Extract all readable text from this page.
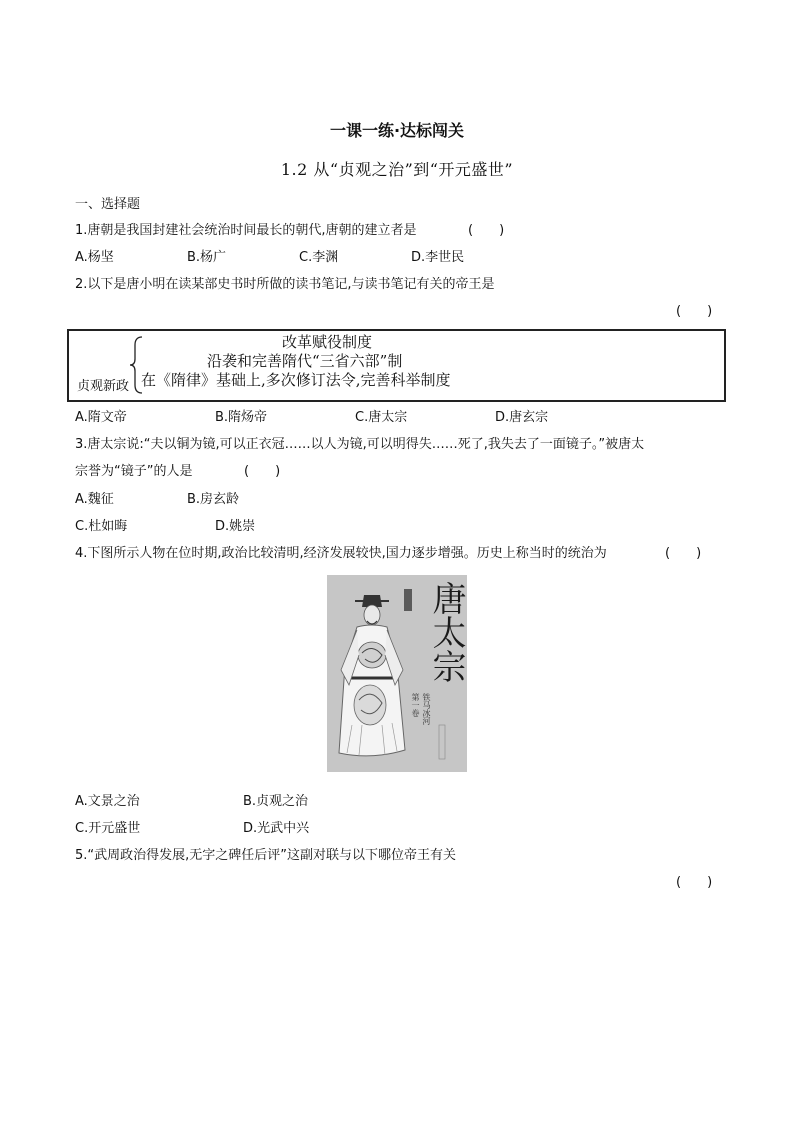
一课一练·达标闯关
1.2 从“贞观之治”到“开元盛世”
一、选择题
1.唐朝是我国封建社会统治时间最长的朝代,唐朝的建立者是	(　　)
A.杨坚	B.杨广	C.李渊	D.李世民
2.以下是唐小明在读某部史书时所做的读书笔记,与读书笔记有关的帝王是
(　　)
贞观新政
改革赋役制度
沿袭和完善隋代“三省六部”制
在《隋律》基础上,多次修订法令,完善科举制度
A.隋文帝	B.隋炀帝	C.唐太宗	D.唐玄宗
3.唐太宗说:“夫以铜为镜,可以正衣冠……以人为镜,可以明得失……死了,我失去了一面镜子。”被唐太
宗誉为“镜子”的人是	(　　)
A.魏征	B.房玄龄
C.杜如晦	D.姚崇
4.下图所示人物在位时期,政治比较清明,经济发展较快,国力逐步增强。历史上称当时的统治为	(　　)
唐太宗
第一卷 铁马冰河
A.文景之治	B.贞观之治
C.开元盛世	D.光武中兴
5.“武周政治得发展,无字之碑任后评”这副对联与以下哪位帝王有关
(　　)
